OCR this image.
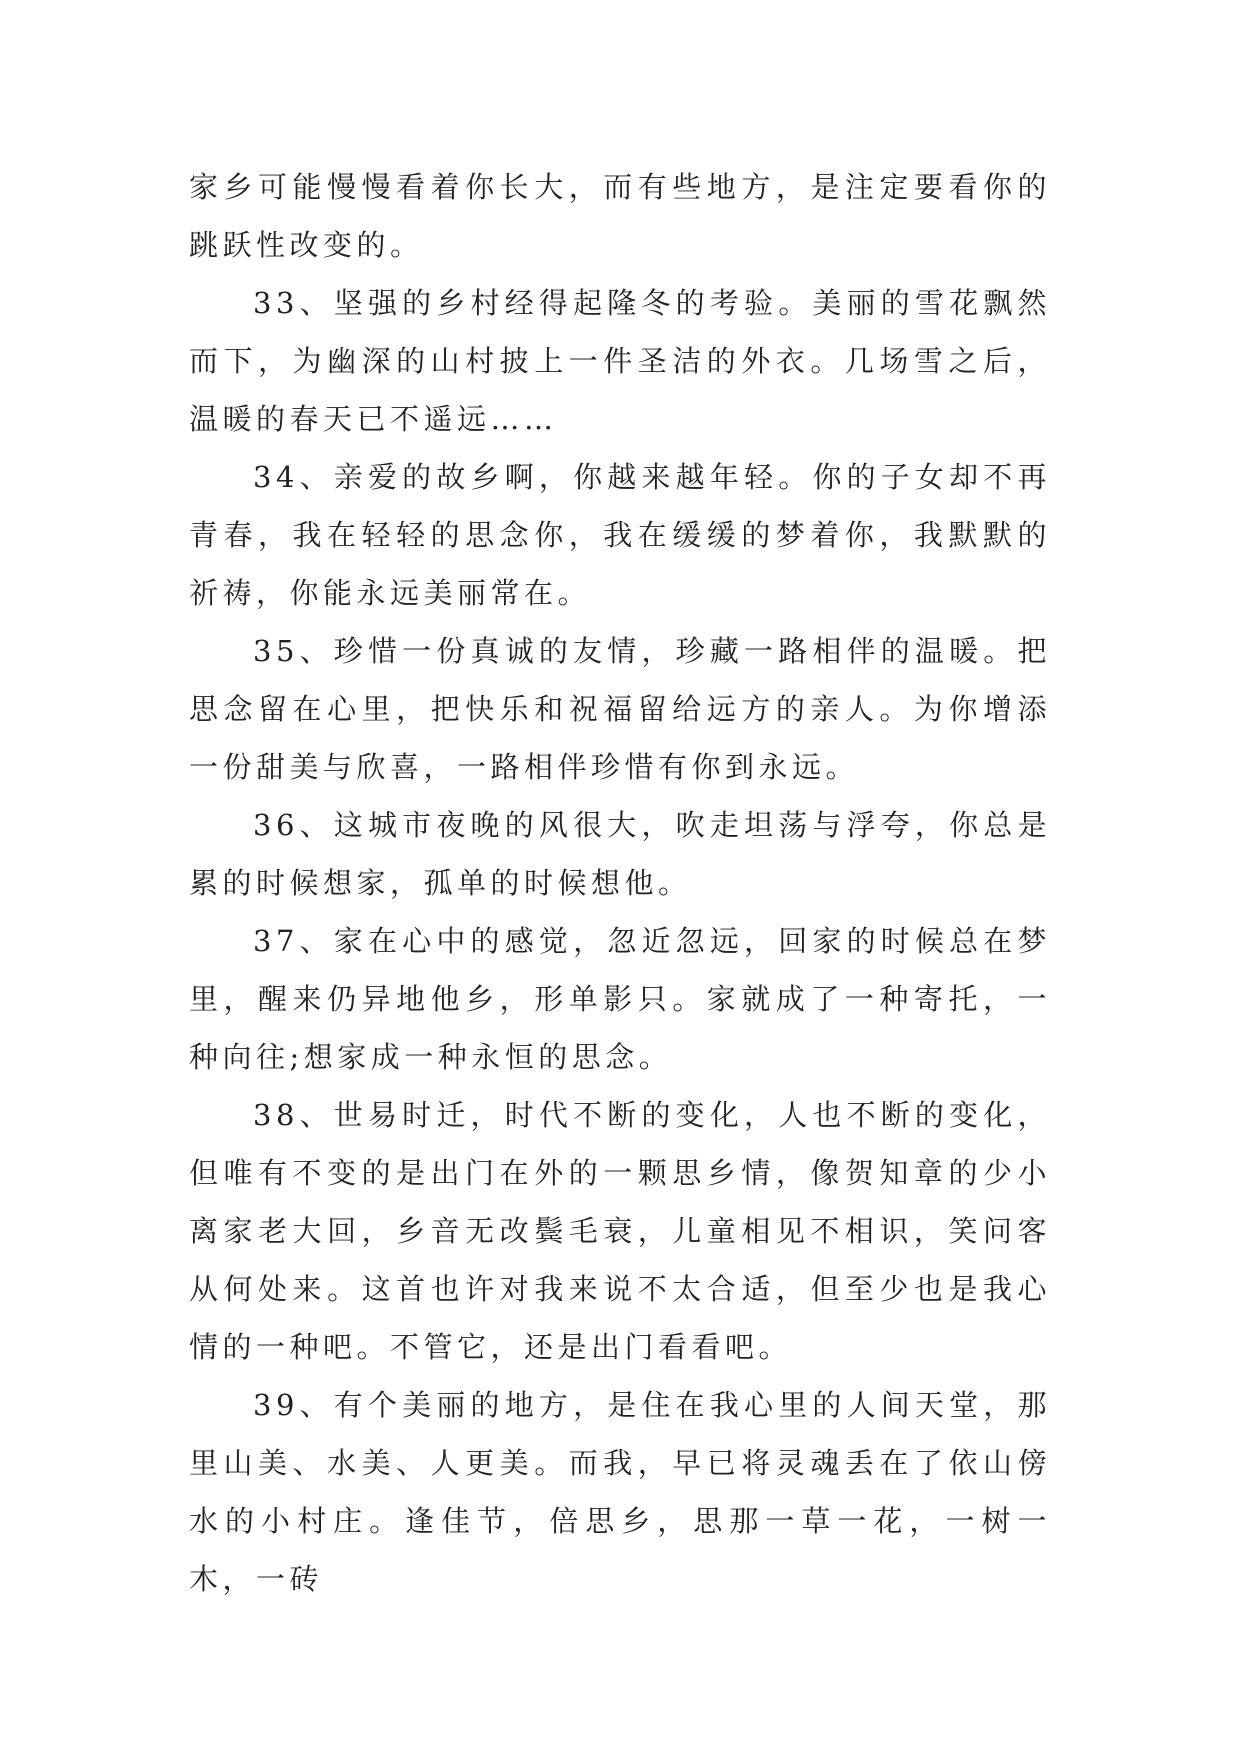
家乡可能慢慢看着你长大，而有些地方，是注定要看你的跳跃性改变的。

33、坚强的乡村经得起隆冬的考验。美丽的雪花飘然而下，为幽深的山村披上一件圣洁的外衣。几场雪之后，温暖的春天已不遥远……

34、亲爱的故乡啊，你越来越年轻。你的子女却不再青春，我在轻轻的思念你，我在缓缓的梦着你，我默默的祈祷，你能永远美丽常在。

35、珍惜一份真诚的友情，珍藏一路相伴的温暖。把思念留在心里，把快乐和祝福留给远方的亲人。为你增添一份甜美与欣喜，一路相伴珍惜有你到永远。

36、这城市夜晚的风很大，吹走坦荡与浮夸，你总是累的时候想家，孤单的时候想他。

37、家在心中的感觉，忽近忽远，回家的时候总在梦里，醒来仍异地他乡，形单影只。家就成了一种寄托，一种向往;想家成一种永恒的思念。

38、世易时迁，时代不断的变化，人也不断的变化，但唯有不变的是出门在外的一颗思乡情，像贺知章的少小离家老大回，乡音无改鬓毛衰，儿童相见不相识，笑问客从何处来。这首也许对我来说不太合适，但至少也是我心情的一种吧。不管它，还是出门看看吧。

39、有个美丽的地方，是住在我心里的人间天堂，那里山美、水美、人更美。而我，早已将灵魂丢在了依山傍水的小村庄。逢佳节，倍思乡，思那一草一花，一树一木，一砖
